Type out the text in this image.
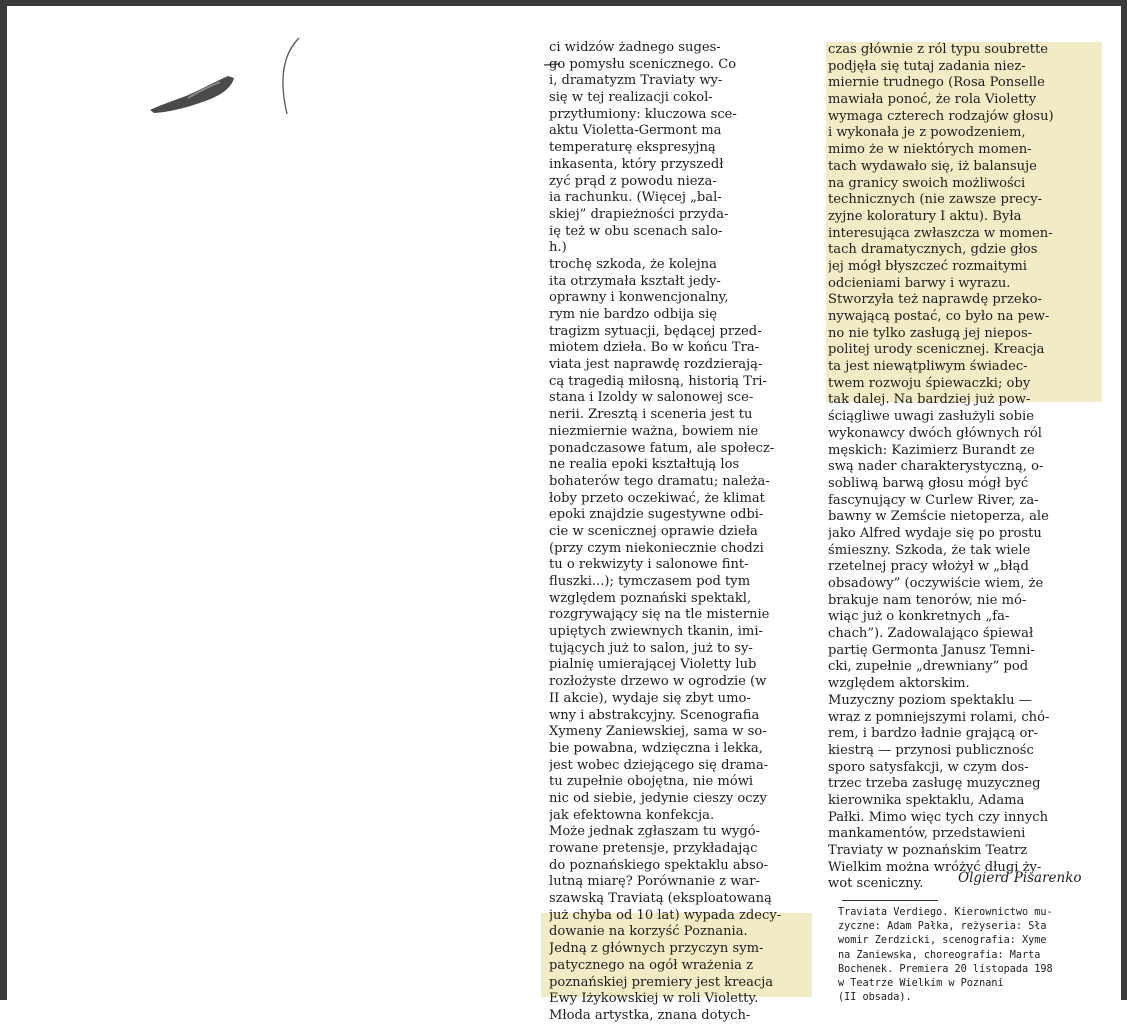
ci widzów żadnego suges-
go pomysłu scenicznego. Co
i, dramatyzm Traviaty wy-
się w tej realizacji cokol-
przytłumiony: kluczowa sce-
aktu Violetta-Germont ma
temperaturę ekspresyjną
inkasenta, który przyszedł
zyć prąd z powodu nieza-
ia rachunku. (Więcej „bal-
skiej” drapieżności przyda-
ię też w obu scenach salo-
h.)
trochę szkoda, że kolejna
ita otrzymała kształt jedy-
oprawny i konwencjonalny,
rym nie bardzo odbija się
tragizm sytuacji, będącej przed-
miotem dzieła. Bo w końcu Tra-
viata jest naprawdę rozdzierają-
cą tragedią miłosną, historią Tri-
stana i Izoldy w salonowej sce-
nerii. Zresztą i sceneria jest tu
niezmiernie ważna, bowiem nie
ponadczasowe fatum, ale społecz-
ne realia epoki kształtują los
bohaterów tego dramatu; należa-
łoby przeto oczekiwać, że klimat
epoki znajdzie sugestywne odbi-
cie w scenicznej oprawie dzieła
(przy czym niekoniecznie chodzi
tu o rekwizyty i salonowe fint-
fluszki...); tymczasem pod tym
względem poznański spektakl,
rozgrywający się na tle misternie
upiętych zwiewnych tkanin, imi-
tujących już to salon, już to sy-
pialnię umierającej Violetty lub
rozłożyste drzewo w ogrodzie (w
II akcie), wydaje się zbyt umo-
wny i abstrakcyjny. Scenografia
Xymeny Zaniewskiej, sama w so-
bie powabna, wdzięczna i lekka,
jest wobec dziejącego się drama-
tu zupełnie obojętna, nie mówi
nic od siebie, jedynie cieszy oczy
jak efektowna konfekcja.
Może jednak zgłaszam tu wygó-
rowane pretensje, przykładając
do poznańskiego spektaklu abso-
lutną miarę? Porównanie z war-
szawską Traviatą (eksploatowaną
już chyba od 10 lat) wypada zdecy-
dowanie na korzyść Poznania.
Jedną z głównych przyczyn sym-
patycznego na ogół wrażenia z
poznańskiej premiery jest kreacja
Ewy Iżykowskiej w roli Violetty.
Młoda artystka, znana dotych-
czas głównie z ról typu soubrette
podjęła się tutaj zadania niez-
miernie trudnego (Rosa Ponselle
mawiała ponoć, że rola Violetty
wymaga czterech rodzajów głosu)
i wykonała je z powodzeniem,
mimo że w niektórych momen-
tach wydawało się, iż balansuje
na granicy swoich możliwości
technicznych (nie zawsze precy-
zyjne koloratury I aktu). Była
interesująca zwłaszcza w momen-
tach dramatycznych, gdzie głos
jej mógł błyszczeć rozmaitymi
odcieniami barwy i wyrazu.
Stworzyła też naprawdę przeko-
nywającą postać, co było na pew-
no nie tylko zasługą jej niepos-
politej urody scenicznej. Kreacja
ta jest niewątpliwym świadec-
twem rozwoju śpiewaczki; oby
tak dalej. Na bardziej już pow-
ściągliwe uwagi zasłużyli sobie
wykonawcy dwóch głównych ról
męskich: Kazimierz Burandt ze
swą nader charakterystyczną, o-
sobliwą barwą głosu mógł być
fascynujący w Curlew River, za-
bawny w Zemście nietoperza, ale
jako Alfred wydaje się po prostu
śmieszny. Szkoda, że tak wiele
rzetelnej pracy włożył w „błąd
obsadowy” (oczywiście wiem, że
brakuje nam tenorów, nie mó-
wiąc już o konkretnych „fa-
chach”). Zadowalająco śpiewał
partię Germonta Janusz Temni-
cki, zupełnie „drewniany” pod
względem aktorskim.
Muzyczny poziom spektaklu —
wraz z pomniejszymi rolami, chó-
rem, i bardzo ładnie grającą or-
kiestrą — przynosi publicznośc
sporo satysfakcji, w czym dos-
trzec trzeba zasługę muzyczneg
kierownika spektaklu, Adama
Pałki. Mimo więc tych czy innych
mankamentów, przedstawieni
Traviaty w poznańskim Teatrz
Wielkim można wróżyć długi ży-
wot sceniczny.	Olgierd Pisarenko
Traviata Verdiego. Kierownictwo mu-
zyczne: Adam Pałka, reżyseria: Sła
womir Żerdzicki, scenografia: Xyme
na Zaniewska, choreografia: Marta
Bochenek. Premiera 20 listopada 198
w Teatrze Wielkim w Poznani
(II obsada).
